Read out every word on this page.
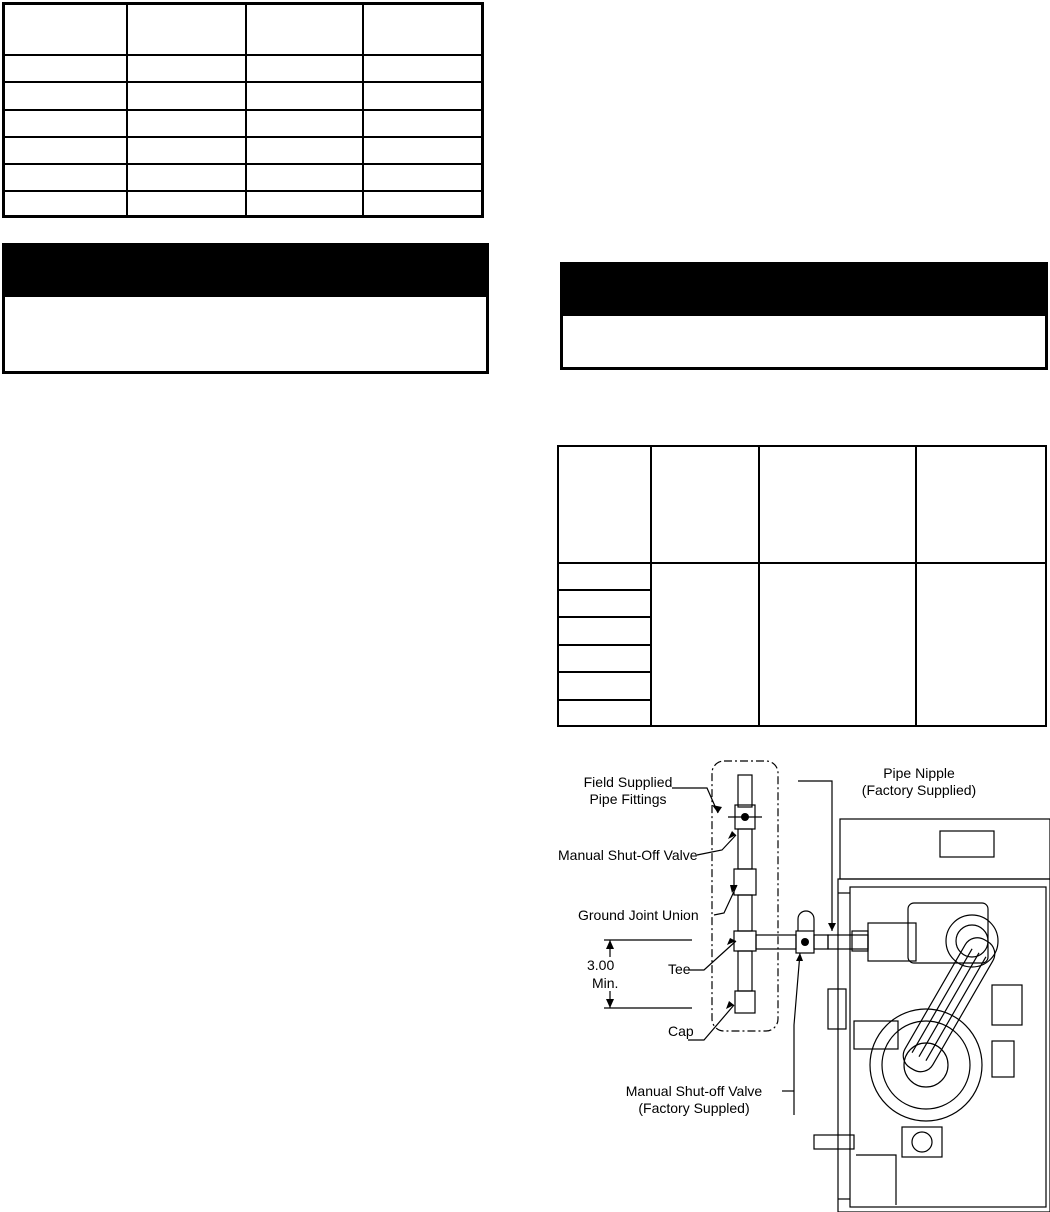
Field Supplied
Pipe Fittings
Manual Shut-Off Valve
Ground Joint Union
3.00
Min.
Tee
Cap
Pipe Nipple
(Factory Supplied)
Manual Shut-off Valve
(Factory Suppled)
